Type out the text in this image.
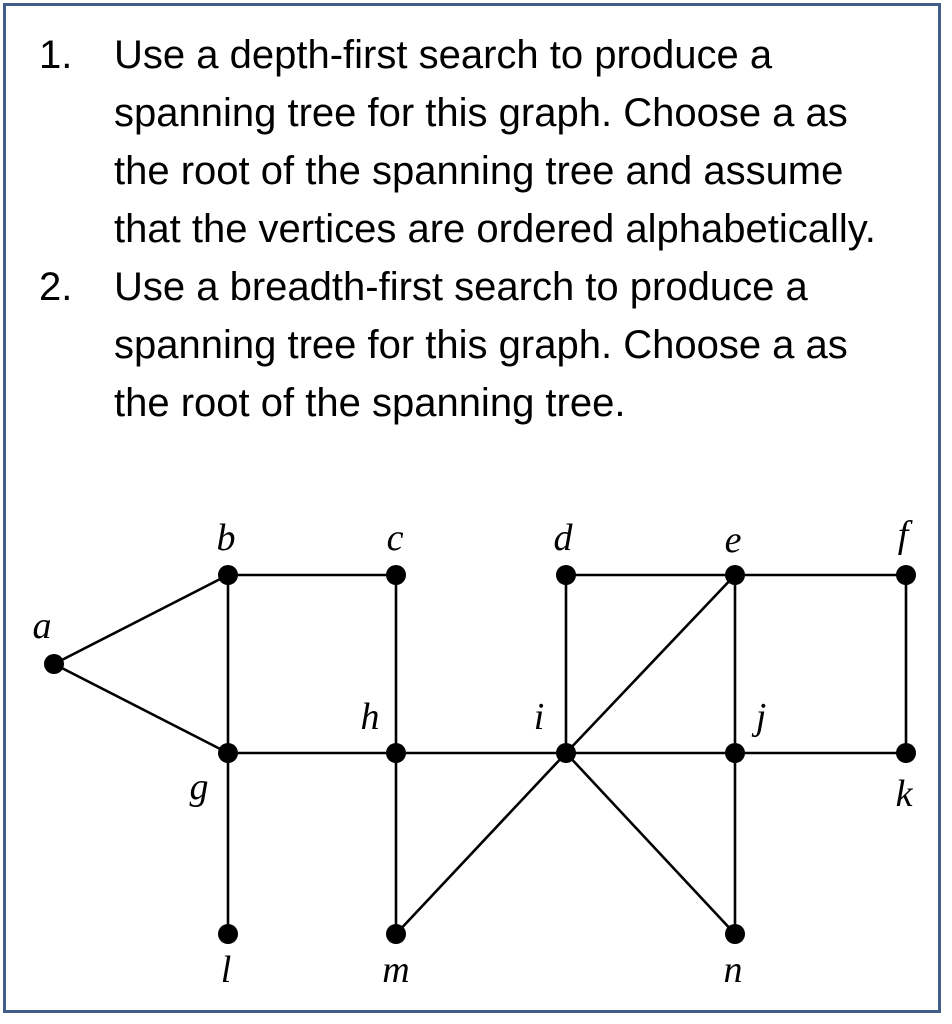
1. Use a depth-first search to produce a spanning tree for this graph. Choose a as the root of the spanning tree and assume that the vertices are ordered alphabetically.
2. Use a breadth-first search to produce a spanning tree for this graph. Choose a as the root of the spanning tree.
a
b	c	d	e	f
g
h	i	j
k
l	m	n
